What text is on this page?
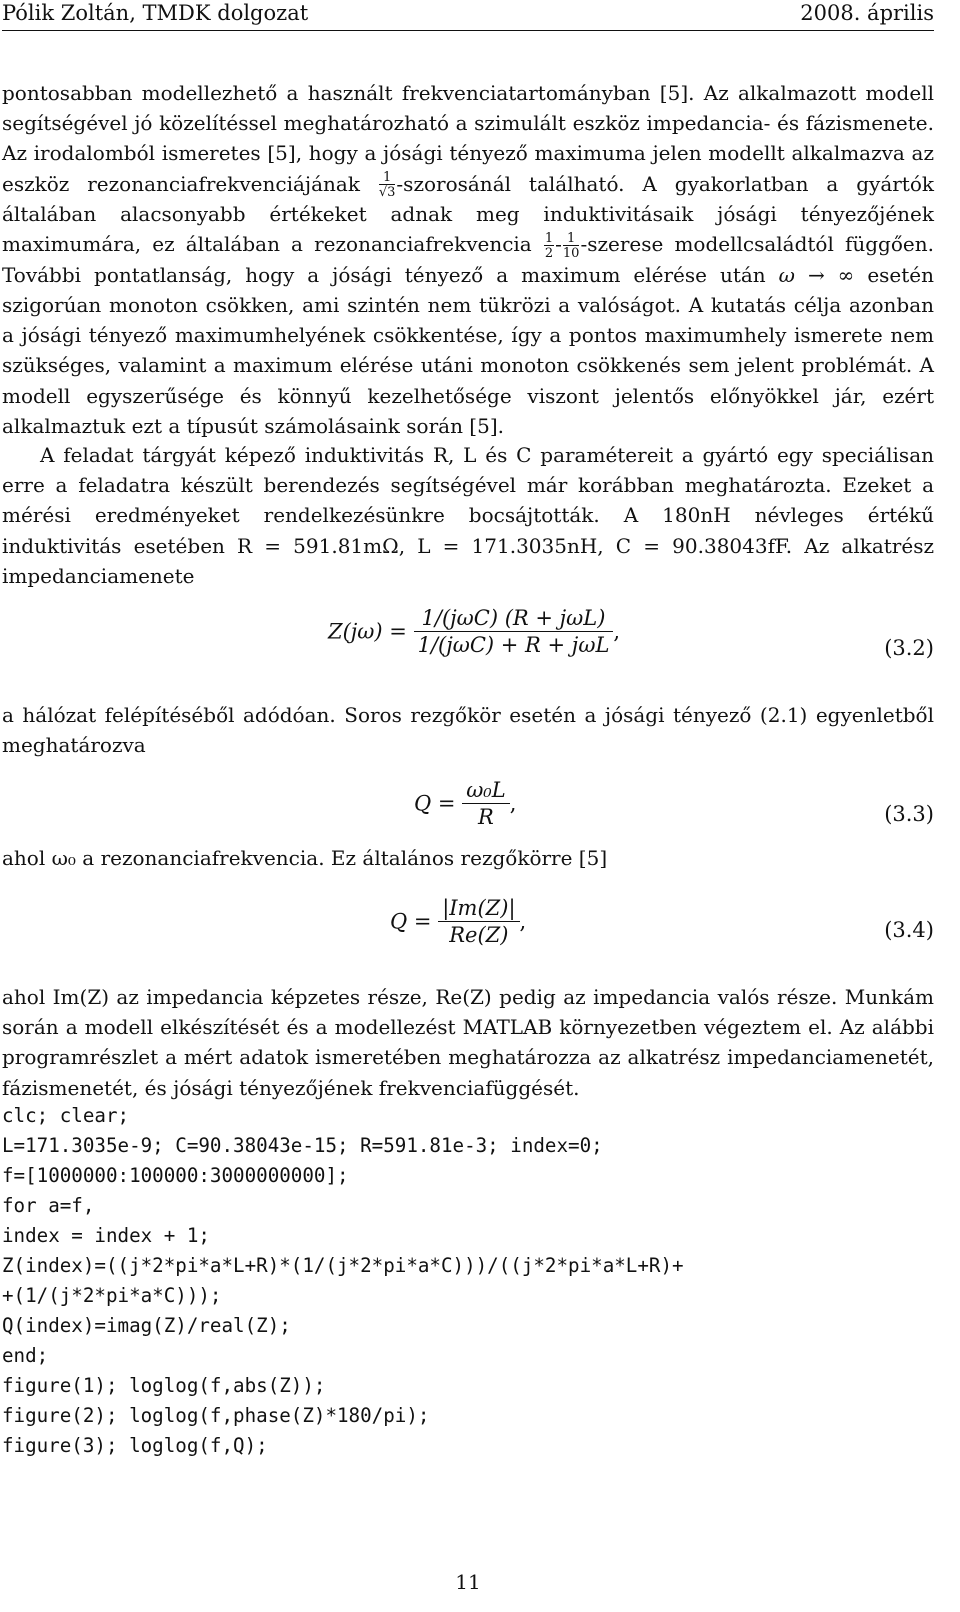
Pólik Zoltán, TMDK dolgozat	2008. április

pontosabban modellezhető a használt frekvenciatartományban [5]. Az alkalmazott modell segítségével jó közelítéssel meghatározható a szimulált eszköz impedancia- és fázismenete. Az irodalomból ismeretes [5], hogy a jósági tényező maximuma jelen modellt alkalmazva az eszköz rezonanciafrekvenciájának $\frac{1}{√3}$ -szorosánál található. A gyakorlatban a gyártók általában alacsonyabb értékeket adnak meg induktivitásaik jósági tényezőjének maximumára, ez általában a rezonanciafrekvencia $\frac{1}{2} - \frac{1}{10}$ -szerese modellcsaládtól függően. További pontatlanság, hogy a jósági tényező a maximum elérése után ω → ∞ esetén szigorúan monoton csökken, ami szintén nem tükrözi a valóságot. A kutatás célja azonban a jósági tényező maximumhelyének csökkentése, így a pontos maximumhely ismerete nem szükséges, valamint a maximum elérése utáni monoton csökkenés sem jelent problémát. A modell egyszerűsége és könnyű kezelhetősége viszont jelentős előnyökkel jár, ezért alkalmaztuk ezt a típusút számolásaink során [5].

A feladat tárgyát képező induktivitás R, L és C paramétereit a gyártó egy speciálisan erre a feladatra készült berendezés segítségével már korábban meghatározta. Ezeket a mérési eredményeket rendelkezésünkre bocsájtották. A 180nH névleges értékű induktivitás esetében R = 591.81mΩ, L = 171.3035nH, C = 90.38043fF. Az alkatrész impedanciamenete

Z(jω) =
1/(jωC) (R + jωL)
1/(jωC) + R + jωL
,
(3.2)

a hálózat felépítéséből adódóan. Soros rezgőkör esetén a jósági tényező (2.1) egyenletből meghatározva

$Q = \frac{\text{ω₀L}}{R}$ ,	(3.3)

ahol ω₀ a rezonanciafrekvencia. Ez általános rezgőkörre [5]

$Q = \frac{|Im(Z)|}{Re(Z)}$ ,	(3.4)

ahol Im(Z) az impedancia képzetes része, Re(Z) pedig az impedancia valós része. Munkám során a modell elkészítését és a modellezést MATLAB környezetben végeztem el. Az alábbi programrészlet a mért adatok ismeretében meghatározza az alkatrész impedanciamenetét, fázismenetét, és jósági tényezőjének frekvenciafüggését.

clc; clear;
L=171.3035e-9; C=90.38043e-15; R=591.81e-3; index=0;
f=[1000000:100000:3000000000];
for a=f,
index = index + 1;
Z(index)=((j*2*pi*a*L+R)*(1/(j*2*pi*a*C)))/((j*2*pi*a*L+R)+
+(1/(j*2*pi*a*C)));
Q(index)=imag(Z)/real(Z);
end;
figure(1); loglog(f,abs(Z));
figure(2); loglog(f,phase(Z)*180/pi);
figure(3); loglog(f,Q);
11
